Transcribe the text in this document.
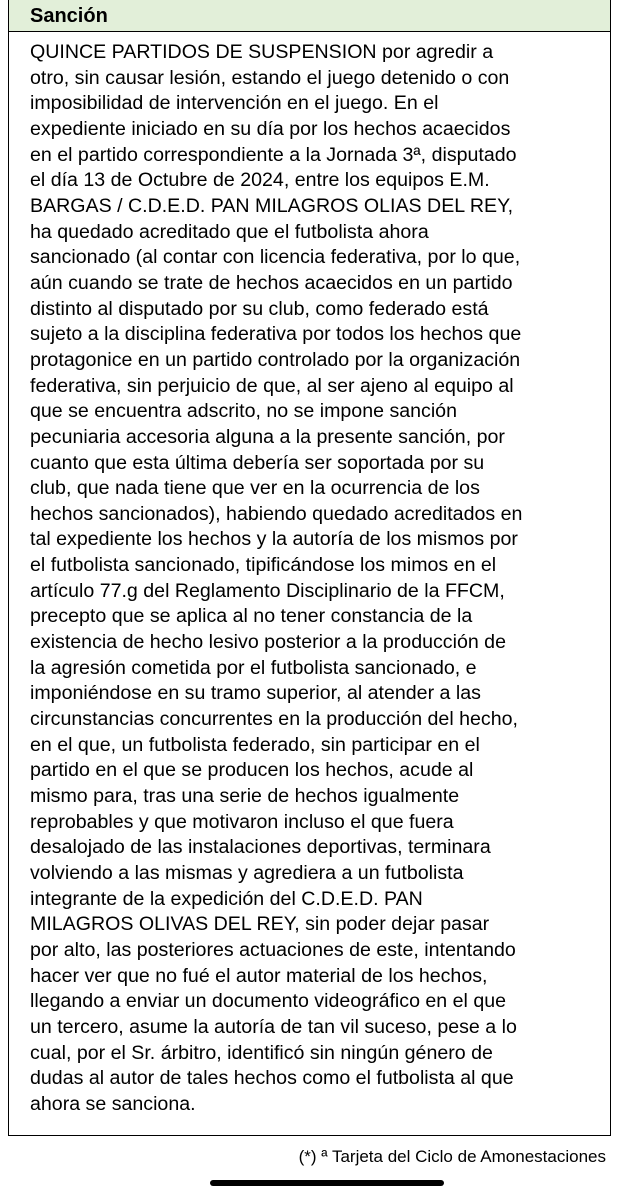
Sanción
QUINCE PARTIDOS DE SUSPENSION por agredir a
otro, sin causar lesión, estando el juego detenido o con
imposibilidad de intervención en el juego. En el
expediente iniciado en su día por los hechos acaecidos
en el partido correspondiente a la Jornada 3ª, disputado
el día 13 de Octubre de 2024, entre los equipos E.M.
BARGAS / C.D.E.D. PAN MILAGROS OLIAS DEL REY,
ha quedado acreditado que el futbolista ahora
sancionado (al contar con licencia federativa, por lo que,
aún cuando se trate de hechos acaecidos en un partido
distinto al disputado por su club, como federado está
sujeto a la disciplina federativa por todos los hechos que
protagonice en un partido controlado por la organización
federativa, sin perjuicio de que, al ser ajeno al equipo al
que se encuentra adscrito, no se impone sanción
pecuniaria accesoria alguna a la presente sanción, por
cuanto que esta última debería ser soportada por su
club, que nada tiene que ver en la ocurrencia de los
hechos sancionados), habiendo quedado acreditados en
tal expediente los hechos y la autoría de los mismos por
el futbolista sancionado, tipificándose los mimos en el
artículo 77.g del Reglamento Disciplinario de la FFCM,
precepto que se aplica al no tener constancia de la
existencia de hecho lesivo posterior a la producción de
la agresión cometida por el futbolista sancionado, e
imponiéndose en su tramo superior, al atender a las
circunstancias concurrentes en la producción del hecho,
en el que, un futbolista federado, sin participar en el
partido en el que se producen los hechos, acude al
mismo para, tras una serie de hechos igualmente
reprobables y que motivaron incluso el que fuera
desalojado de las instalaciones deportivas, terminara
volviendo a las mismas y agrediera a un futbolista
integrante de la expedición del C.D.E.D. PAN
MILAGROS OLIVAS DEL REY, sin poder dejar pasar
por alto, las posteriores actuaciones de este, intentando
hacer ver que no fué el autor material de los hechos,
llegando a enviar un documento videográfico en el que
un tercero, asume la autoría de tan vil suceso, pese a lo
cual, por el Sr. árbitro, identificó sin ningún género de
dudas al autor de tales hechos como el futbolista al que
ahora se sanciona.
(*) ª Tarjeta del Ciclo de Amonestaciones
